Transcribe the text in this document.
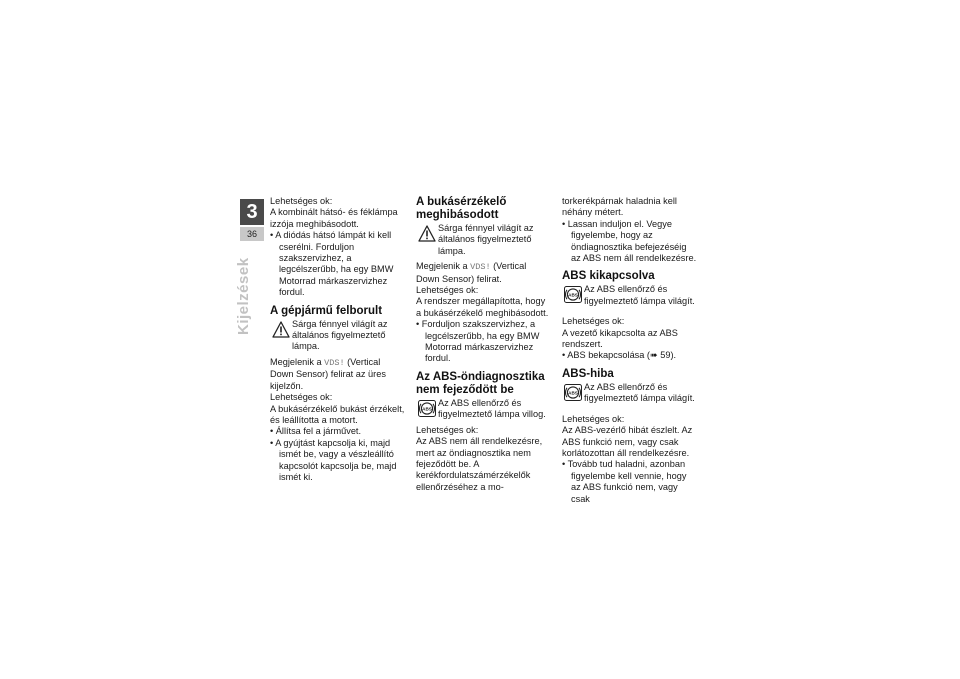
3
36
Kijelzések

Lehetséges ok:

A kombinált hátsó- és féklámpa izzója meghibásodott.

• A diódás hátsó lámpát ki kell cserélni. Forduljon szakszervizhez, a legcélszerűbb, ha egy BMW Motorrad márkaszervizhez fordul.

A gépjármű felborult
Sárga fénnyel világít az általános figyelmeztető lámpa.

Megjelenik a VDS! (Vertical Down Sensor) felirat az üres kijelzőn.

Lehetséges ok:

A bukásérzékelő bukást érzékelt, és leállította a motort.

• Állítsa fel a járművet.

• A gyújtást kapcsolja ki, majd ismét be, vagy a vészleállító kapcsolót kapcsolja be, majd ismét ki.

A bukásérzékelő meghibásodott
Sárga fénnyel világít az általános figyelmeztető lámpa.

Megjelenik a VDS! (Vertical Down Sensor) felirat.

Lehetséges ok:

A rendszer megállapította, hogy a bukásérzékelő meghibásodott.

• Forduljon szakszervizhez, a legcélszerűbb, ha egy BMW Motorrad márkaszervizhez fordul.

Az ABS-öndiagnosztika nem fejeződött be
ABS
Az ABS ellenőrző és figyelmeztető lámpa villog.

Lehetséges ok:

Az ABS nem áll rendelkezésre, mert az öndiagnosztika nem fejeződött be. A kerékfordulatszámérzékelők ellenőrzéséhez a mo-

torkerékpárnak haladnia kell néhány métert.

• Lassan induljon el. Vegye figyelembe, hogy az öndiagnosztika befejezéséig az ABS nem áll rendelkezésre.

ABS kikapcsolva
ABS
Az ABS ellenőrző és figyelmeztető lámpa világít.

Lehetséges ok:

A vezető kikapcsolta az ABS rendszert.

• ABS bekapcsolása (➠ 59).

ABS-hiba
ABS
Az ABS ellenőrző és figyelmeztető lámpa világít.

Lehetséges ok:

Az ABS-vezérlő hibát észlelt. Az ABS funkció nem, vagy csak korlátozottan áll rendelkezésre.

• Tovább tud haladni, azonban figyelembe kell vennie, hogy az ABS funkció nem, vagy csak
